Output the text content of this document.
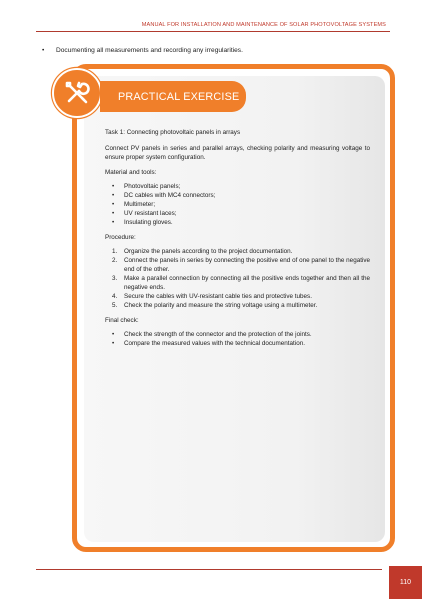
MANUAL FOR INSTALLATION AND MAINTENANCE OF SOLAR PHOTOVOLTAGE SYSTEMS
• Documenting all measurements and recording any irregularities.
PRACTICAL EXERCISE

Task 1: Connecting photovoltaic panels in arrays

Connect PV panels in series and parallel arrays, checking polarity and measuring voltage to ensure proper system configuration.

Material and tools:

• Photovoltaic panels;
• DC cables with MC4 connectors;
• Multimeter;
• UV resistant laces;
• Insulating gloves.

Procedure:

1. Organize the panels according to the project documentation.
2. Connect the panels in series by connecting the positive end of one panel to the negative end of the other.
3. Make a parallel connection by connecting all the positive ends together and then all the negative ends.
4. Secure the cables with UV-resistant cable ties and protective tubes.
5. Check the polarity and measure the string voltage using a multimeter.

Final check:

• Check the strength of the connector and the protection of the joints.
• Compare the measured values with the technical documentation.
110
